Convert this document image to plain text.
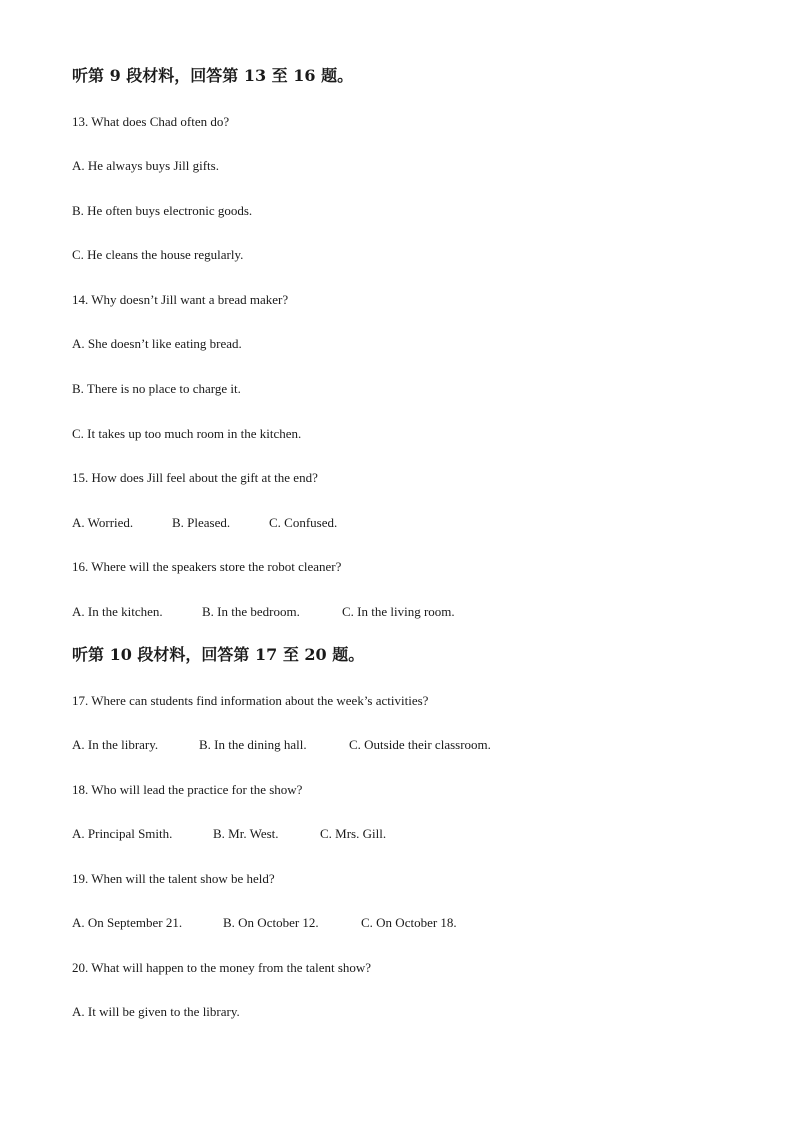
听第 9 段材料，回答第 13 至 16 题。
13. What does Chad often do?
A. He always buys Jill gifts.
B. He often buys electronic goods.
C. He cleans the house regularly.
14. Why doesn’t Jill want a bread maker?
A. She doesn’t like eating bread.
B. There is no place to charge it.
C. It takes up too much room in the kitchen.
15. How does Jill feel about the gift at the end?
A. Worried.	B. Pleased.	C. Confused.
16. Where will the speakers store the robot cleaner?
A. In the kitchen.	B. In the bedroom.	C. In the living room.
听第 10 段材料，回答第 17 至 20 题。
17. Where can students find information about the week’s activities?
A. In the library.	B. In the dining hall.	C. Outside their classroom.
18. Who will lead the practice for the show?
A. Principal Smith.	B. Mr. West.	C. Mrs. Gill.
19. When will the talent show be held?
A. On September 21.	B. On October 12.	C. On October 18.
20. What will happen to the money from the talent show?
A. It will be given to the library.
